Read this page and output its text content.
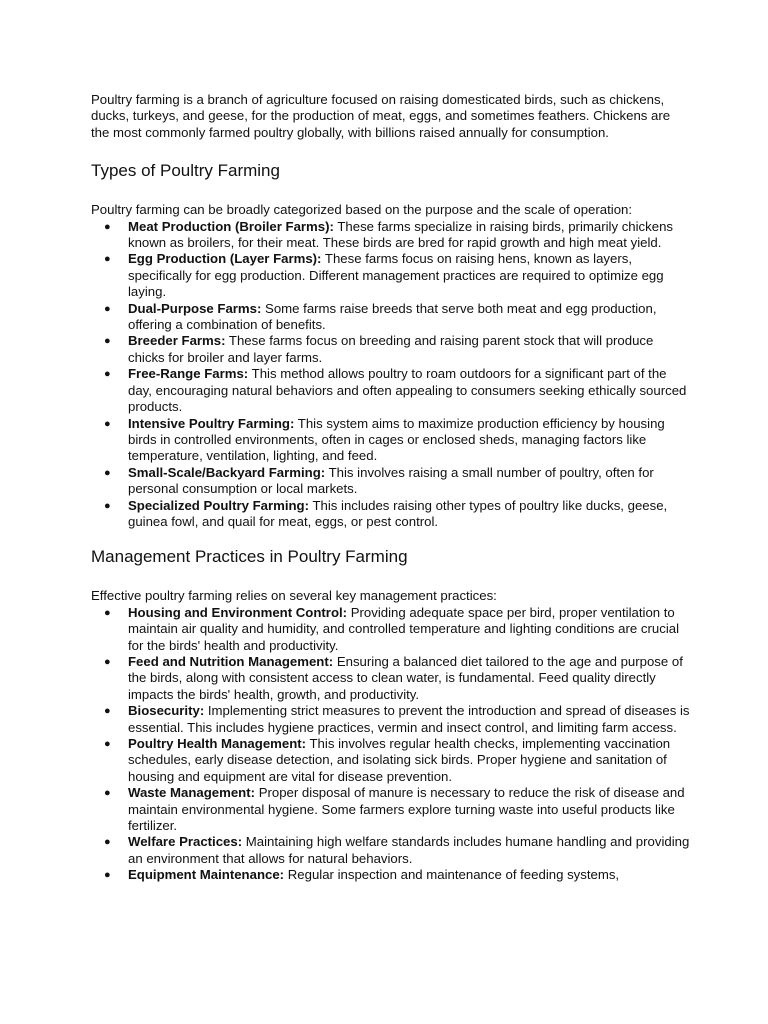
Poultry farming is a branch of agriculture focused on raising domesticated birds, such as chickens, ducks, turkeys, and geese, for the production of meat, eggs, and sometimes feathers. Chickens are the most commonly farmed poultry globally, with billions raised annually for consumption.

Types of Poultry Farming

Poultry farming can be broadly categorized based on the purpose and the scale of operation:

● Meat Production (Broiler Farms): These farms specialize in raising birds, primarily chickens known as broilers, for their meat. These birds are bred for rapid growth and high meat yield.
● Egg Production (Layer Farms): These farms focus on raising hens, known as layers, specifically for egg production. Different management practices are required to optimize egg laying.
● Dual-Purpose Farms: Some farms raise breeds that serve both meat and egg production, offering a combination of benefits.
● Breeder Farms: These farms focus on breeding and raising parent stock that will produce chicks for broiler and layer farms.
● Free-Range Farms: This method allows poultry to roam outdoors for a significant part of the day, encouraging natural behaviors and often appealing to consumers seeking ethically sourced products.
● Intensive Poultry Farming: This system aims to maximize production efficiency by housing birds in controlled environments, often in cages or enclosed sheds, managing factors like temperature, ventilation, lighting, and feed.
● Small-Scale/Backyard Farming: This involves raising a small number of poultry, often for personal consumption or local markets.
● Specialized Poultry Farming: This includes raising other types of poultry like ducks, geese, guinea fowl, and quail for meat, eggs, or pest control.
Management Practices in Poultry Farming

Effective poultry farming relies on several key management practices:

● Housing and Environment Control: Providing adequate space per bird, proper ventilation to maintain air quality and humidity, and controlled temperature and lighting conditions are crucial for the birds' health and productivity.
● Feed and Nutrition Management: Ensuring a balanced diet tailored to the age and purpose of the birds, along with consistent access to clean water, is fundamental. Feed quality directly impacts the birds' health, growth, and productivity.
● Biosecurity: Implementing strict measures to prevent the introduction and spread of diseases is essential. This includes hygiene practices, vermin and insect control, and limiting farm access.
● Poultry Health Management: This involves regular health checks, implementing vaccination schedules, early disease detection, and isolating sick birds. Proper hygiene and sanitation of housing and equipment are vital for disease prevention.
● Waste Management: Proper disposal of manure is necessary to reduce the risk of disease and maintain environmental hygiene. Some farmers explore turning waste into useful products like fertilizer.
● Welfare Practices: Maintaining high welfare standards includes humane handling and providing an environment that allows for natural behaviors.
● Equipment Maintenance: Regular inspection and maintenance of feeding systems,
